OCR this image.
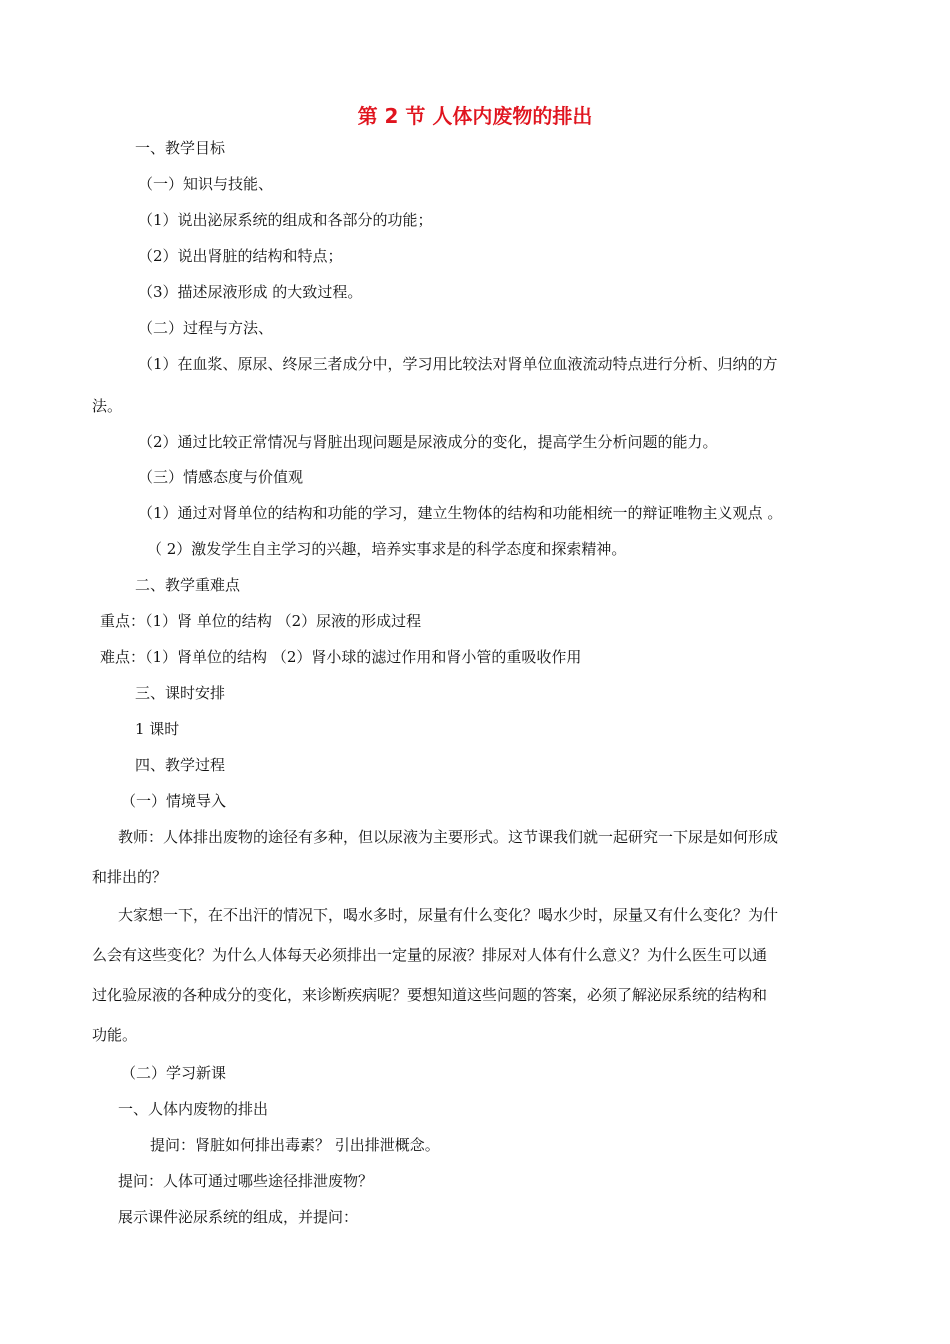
第 2 节 人体内废物的排出
一、教学目标
（一）知识与技能、
（1）说出泌尿系统的组成和各部分的功能；
（2）说出肾脏的结构和特点；
（3）描述尿液形成 的大致过程。
（二）过程与方法、
（1）在血浆、原尿、终尿三者成分中，学习用比较法对肾单位血液流动特点进行分析、归纳的方
法。
（2）通过比较正常情况与肾脏出现问题是尿液成分的变化，提高学生分析问题的能力。
（三）情感态度与价值观
（1）通过对肾单位的结构和功能的学习，建立生物体的结构和功能相统一的辩证唯物主义观点 。
（ 2）激发学生自主学习的兴趣，培养实事求是的科学态度和探索精神。
二、教学重难点
重点：（1）肾 单位的结构 （2）尿液的形成过程
难点：（1）肾单位的结构 （2）肾小球的滤过作用和肾小管的重吸收作用
三、课时安排
1 课时
四、教学过程
（一）情境导入
教师：人体排出废物的途径有多种，但以尿液为主要形式。这节课我们就一起研究一下尿是如何形成
和排出的？
大家想一下，在不出汗的情况下，喝水多时，尿量有什么变化？喝水少时，尿量又有什么变化？为什
么会有这些变化？为什么人体每天必须排出一定量的尿液？排尿对人体有什么意义？为什么医生可以通
过化验尿液的各种成分的变化，来诊断疾病呢？要想知道这些问题的答案，必须了解泌尿系统的结构和
功能。
（二）学习新课
一、人体内废物的排出
提问：肾脏如何排出毒素？ 引出排泄概念。
提问：人体可通过哪些途径排泄废物？
展示课件泌尿系统的组成，并提问：
